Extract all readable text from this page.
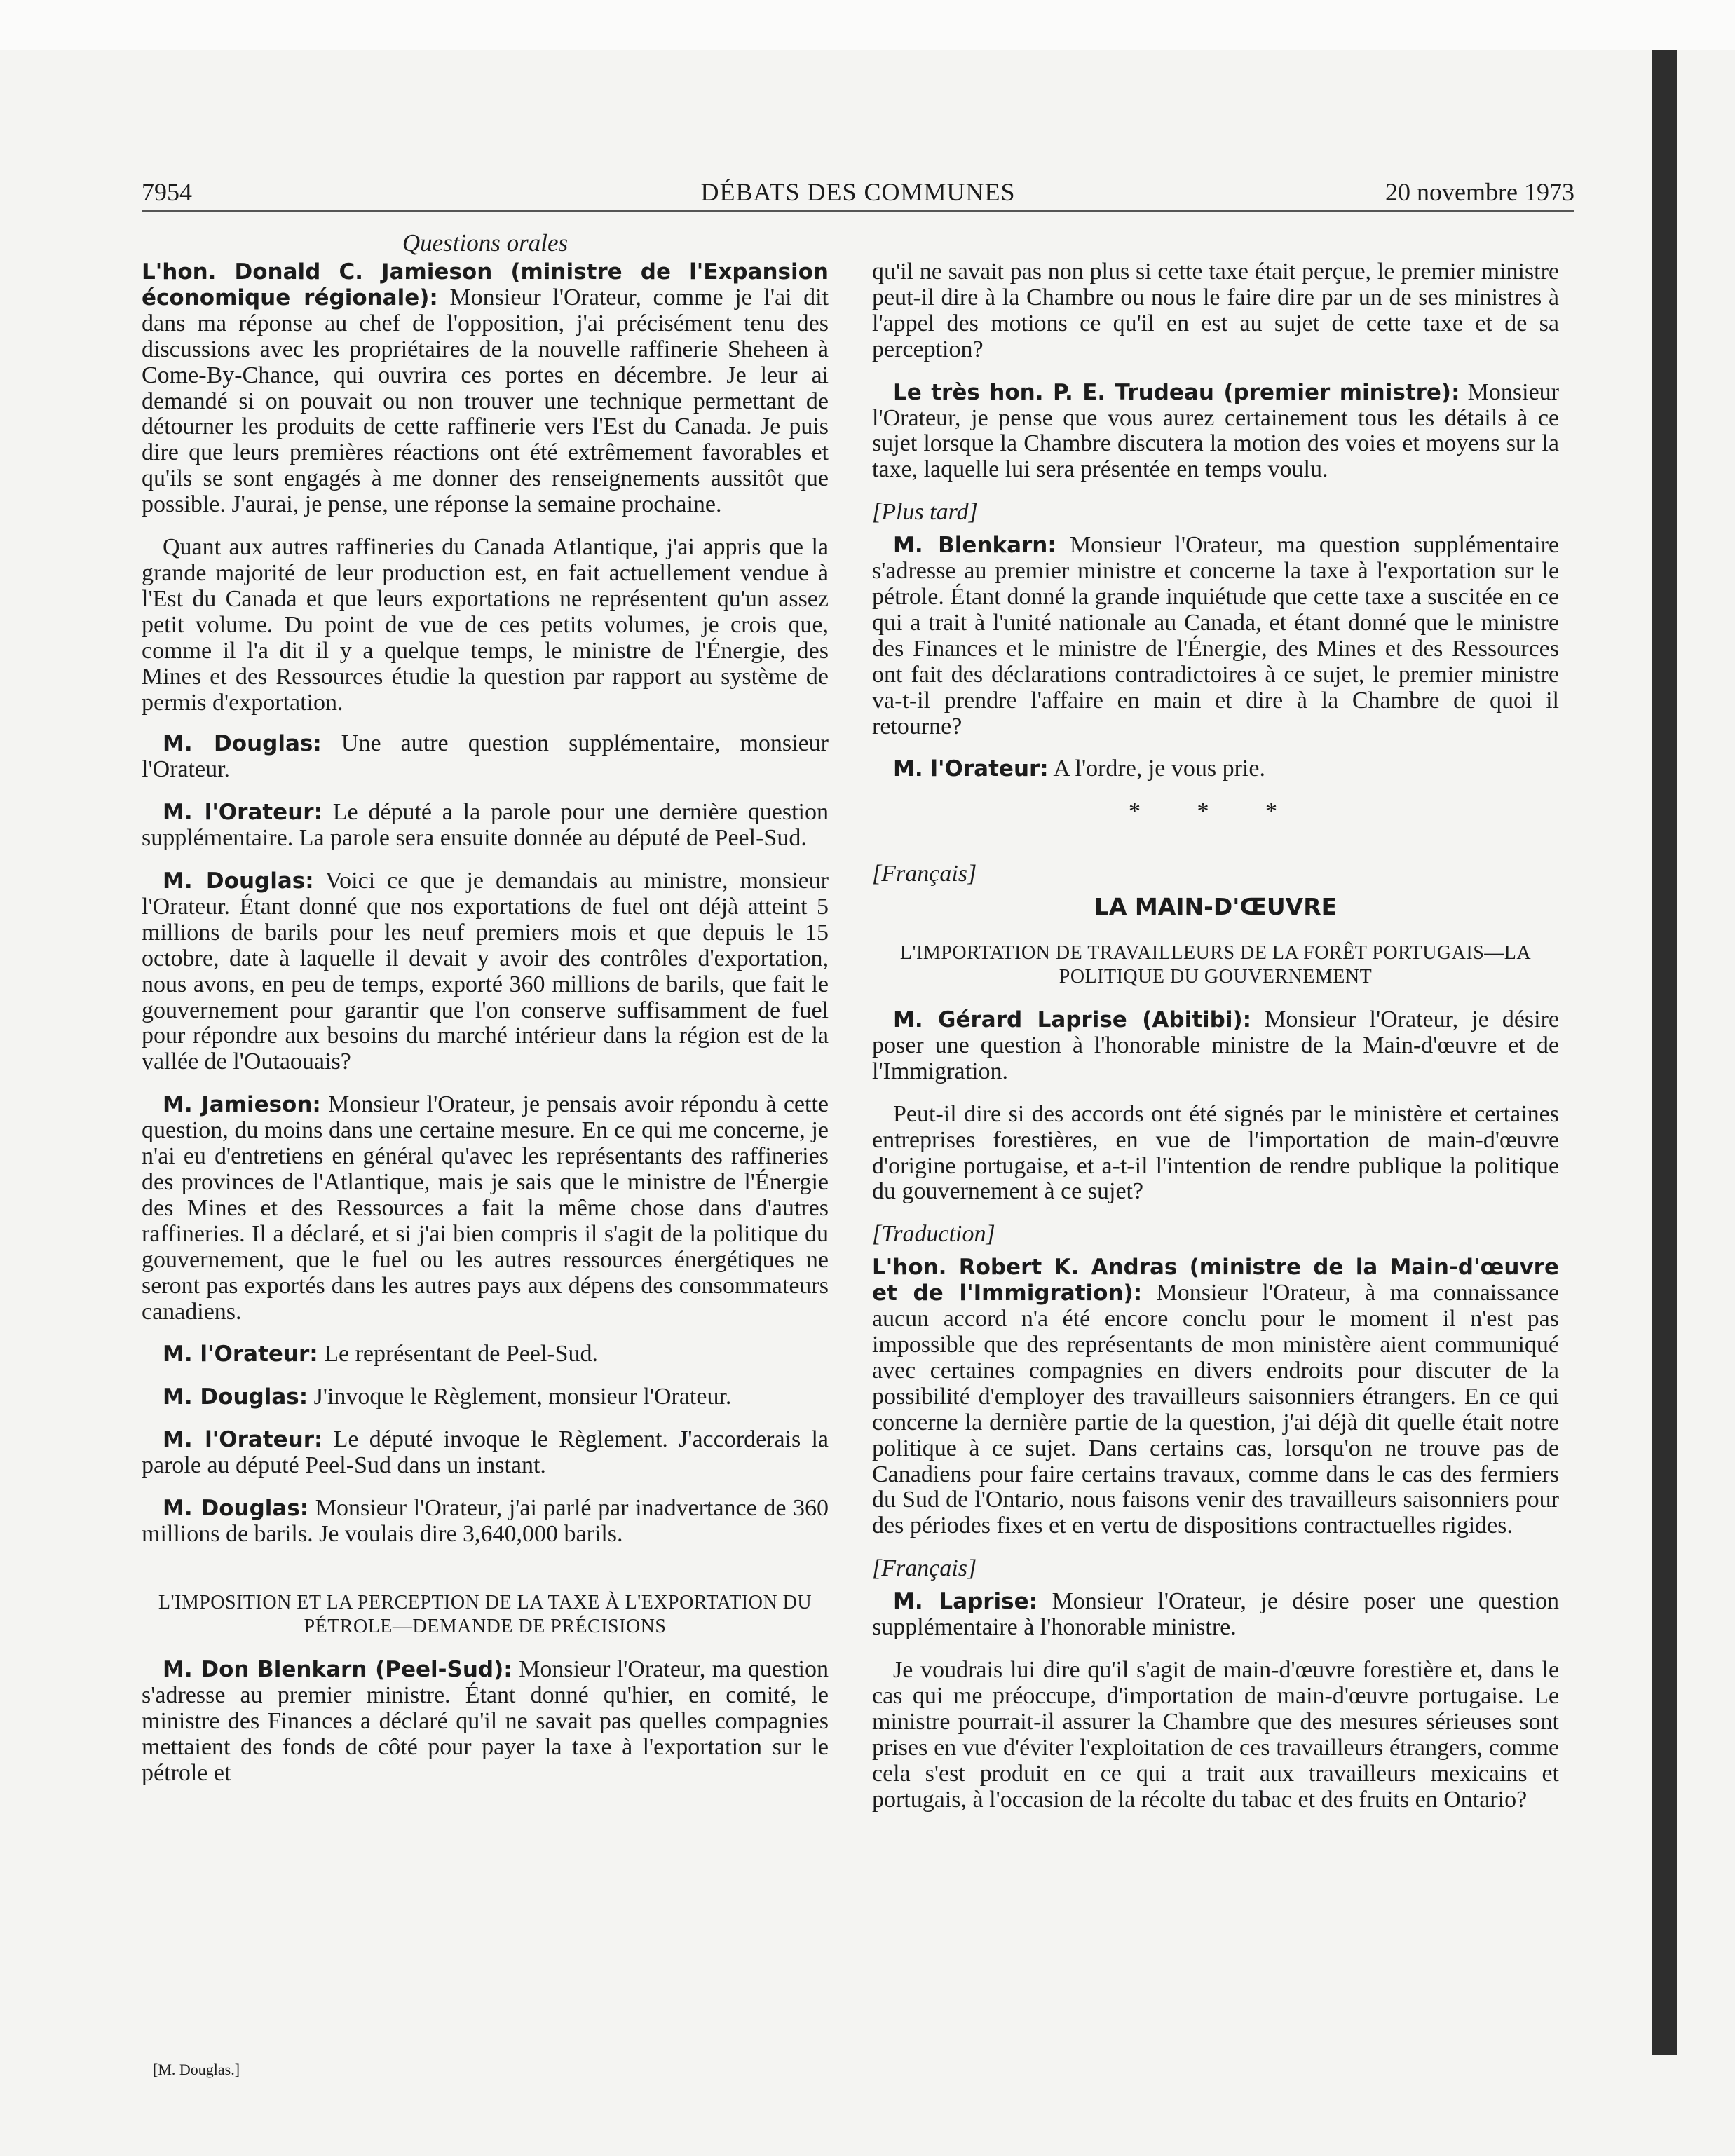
7954	DÉBATS DES COMMUNES	20 novembre 1973
Questions orales

L'hon. Donald C. Jamieson (ministre de l'Expansion économique régionale): Monsieur l'Orateur, comme je l'ai dit dans ma réponse au chef de l'opposition, j'ai précisément tenu des discussions avec les propriétaires de la nouvelle raffinerie Sheheen à Come-By-Chance, qui ouvrira ces portes en décembre. Je leur ai demandé si on pouvait ou non trouver une technique permettant de détourner les produits de cette raffinerie vers l'Est du Canada. Je puis dire que leurs premières réactions ont été extrêmement favorables et qu'ils se sont engagés à me donner des renseignements aussitôt que possible. J'aurai, je pense, une réponse la semaine prochaine.

Quant aux autres raffineries du Canada Atlantique, j'ai appris que la grande majorité de leur production est, en fait actuellement vendue à l'Est du Canada et que leurs exportations ne représentent qu'un assez petit volume. Du point de vue de ces petits volumes, je crois que, comme il l'a dit il y a quelque temps, le ministre de l'Énergie, des Mines et des Ressources étudie la question par rapport au système de permis d'exportation.

M. Douglas: Une autre question supplémentaire, monsieur l'Orateur.

M. l'Orateur: Le député a la parole pour une dernière question supplémentaire. La parole sera ensuite donnée au député de Peel-Sud.

M. Douglas: Voici ce que je demandais au ministre, monsieur l'Orateur. Étant donné que nos exportations de fuel ont déjà atteint 5 millions de barils pour les neuf premiers mois et que depuis le 15 octobre, date à laquelle il devait y avoir des contrôles d'exportation, nous avons, en peu de temps, exporté 360 millions de barils, que fait le gouvernement pour garantir que l'on conserve suffisamment de fuel pour répondre aux besoins du marché intérieur dans la région est de la vallée de l'Outaouais?

M. Jamieson: Monsieur l'Orateur, je pensais avoir répondu à cette question, du moins dans une certaine mesure. En ce qui me concerne, je n'ai eu d'entretiens en général qu'avec les représentants des raffineries des provinces de l'Atlantique, mais je sais que le ministre de l'Énergie des Mines et des Ressources a fait la même chose dans d'autres raffineries. Il a déclaré, et si j'ai bien compris il s'agit de la politique du gouvernement, que le fuel ou les autres ressources énergétiques ne seront pas exportés dans les autres pays aux dépens des consommateurs canadiens.

M. l'Orateur: Le représentant de Peel-Sud.

M. Douglas: J'invoque le Règlement, monsieur l'Orateur.

M. l'Orateur: Le député invoque le Règlement. J'accorderais la parole au député Peel-Sud dans un instant.

M. Douglas: Monsieur l'Orateur, j'ai parlé par inadvertance de 360 millions de barils. Je voulais dire 3,640,000 barils.

L'IMPOSITION ET LA PERCEPTION DE LA TAXE À L'EXPORTATION DU PÉTROLE—DEMANDE DE PRÉCISIONS

M. Don Blenkarn (Peel-Sud): Monsieur l'Orateur, ma question s'adresse au premier ministre. Étant donné qu'hier, en comité, le ministre des Finances a déclaré qu'il ne savait pas quelles compagnies mettaient des fonds de côté pour payer la taxe à l'exportation sur le pétrole et

qu'il ne savait pas non plus si cette taxe était perçue, le premier ministre peut-il dire à la Chambre ou nous le faire dire par un de ses ministres à l'appel des motions ce qu'il en est au sujet de cette taxe et de sa perception?

Le très hon. P. E. Trudeau (premier ministre): Monsieur l'Orateur, je pense que vous aurez certainement tous les détails à ce sujet lorsque la Chambre discutera la motion des voies et moyens sur la taxe, laquelle lui sera présentée en temps voulu.

[Plus tard]

M. Blenkarn: Monsieur l'Orateur, ma question supplémentaire s'adresse au premier ministre et concerne la taxe à l'exportation sur le pétrole. Étant donné la grande inquiétude que cette taxe a suscitée en ce qui a trait à l'unité nationale au Canada, et étant donné que le ministre des Finances et le ministre de l'Énergie, des Mines et des Ressources ont fait des déclarations contradictoires à ce sujet, le premier ministre va-t-il prendre l'affaire en main et dire à la Chambre de quoi il retourne?

M. l'Orateur: A l'ordre, je vous prie.

* * *
[Français]
LA MAIN-D'ŒUVRE
L'IMPORTATION DE TRAVAILLEURS DE LA FORÊT PORTUGAIS—LA POLITIQUE DU GOUVERNEMENT

M. Gérard Laprise (Abitibi): Monsieur l'Orateur, je désire poser une question à l'honorable ministre de la Main-d'œuvre et de l'Immigration.

Peut-il dire si des accords ont été signés par le ministère et certaines entreprises forestières, en vue de l'importation de main-d'œuvre d'origine portugaise, et a-t-il l'intention de rendre publique la politique du gouvernement à ce sujet?

[Traduction]

L'hon. Robert K. Andras (ministre de la Main-d'œuvre et de l'Immigration): Monsieur l'Orateur, à ma connaissance aucun accord n'a été encore conclu pour le moment il n'est pas impossible que des représentants de mon ministère aient communiqué avec certaines compagnies en divers endroits pour discuter de la possibilité d'employer des travailleurs saisonniers étrangers. En ce qui concerne la dernière partie de la question, j'ai déjà dit quelle était notre politique à ce sujet. Dans certains cas, lorsqu'on ne trouve pas de Canadiens pour faire certains travaux, comme dans le cas des fermiers du Sud de l'Ontario, nous faisons venir des travailleurs saisonniers pour des périodes fixes et en vertu de dispositions contractuelles rigides.

[Français]

M. Laprise: Monsieur l'Orateur, je désire poser une question supplémentaire à l'honorable ministre.

Je voudrais lui dire qu'il s'agit de main-d'œuvre forestière et, dans le cas qui me préoccupe, d'importation de main-d'œuvre portugaise. Le ministre pourrait-il assurer la Chambre que des mesures sérieuses sont prises en vue d'éviter l'exploitation de ces travailleurs étrangers, comme cela s'est produit en ce qui a trait aux travailleurs mexicains et portugais, à l'occasion de la récolte du tabac et des fruits en Ontario?

[M. Douglas.]
